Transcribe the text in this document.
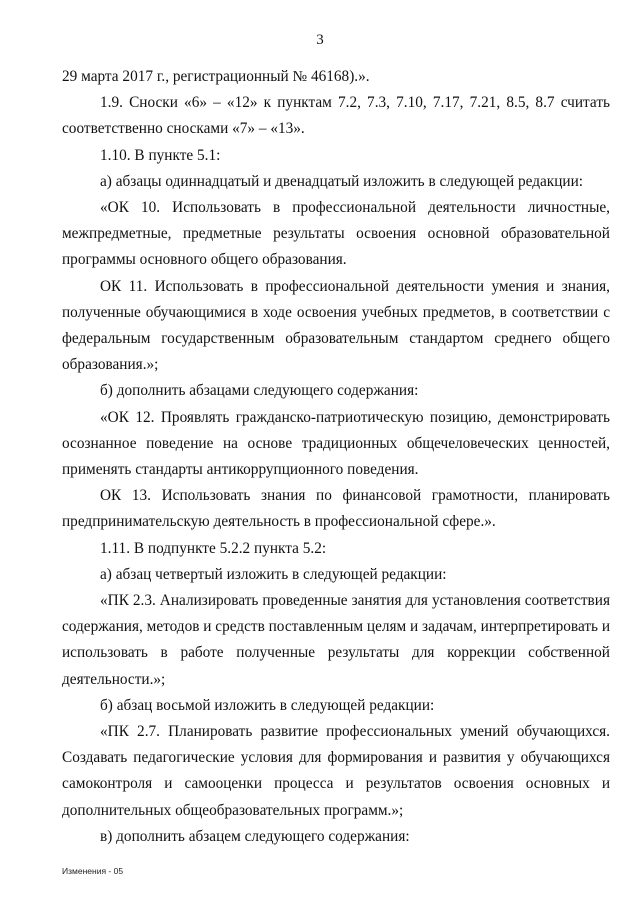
3

29 марта 2017 г., регистрационный № 46168).».

1.9. Сноски «6» – «12» к пунктам 7.2, 7.3, 7.10, 7.17, 7.21, 8.5, 8.7 считать соответственно сносками «7» – «13».

1.10. В пункте 5.1:

а) абзацы одиннадцатый и двенадцатый изложить в следующей редакции:

«ОК 10. Использовать в профессиональной деятельности личностные, межпредметные, предметные результаты освоения основной образовательной программы основного общего образования.

ОК 11. Использовать в профессиональной деятельности умения и знания, полученные обучающимися в ходе освоения учебных предметов, в соответствии с федеральным государственным образовательным стандартом среднего общего образования.»;

б) дополнить абзацами следующего содержания:

«ОК 12. Проявлять гражданско-патриотическую позицию, демонстрировать осознанное поведение на основе традиционных общечеловеческих ценностей, применять стандарты антикоррупционного поведения.

ОК 13. Использовать знания по финансовой грамотности, планировать предпринимательскую деятельность в профессиональной сфере.».

1.11. В подпункте 5.2.2 пункта 5.2:

а) абзац четвертый изложить в следующей редакции:

«ПК 2.3. Анализировать проведенные занятия для установления соответствия содержания, методов и средств поставленным целям и задачам, интерпретировать и использовать в работе полученные результаты для коррекции собственной деятельности.»;

б) абзац восьмой изложить в следующей редакции:

«ПК 2.7. Планировать развитие профессиональных умений обучающихся. Создавать педагогические условия для формирования и развития у обучающихся самоконтроля и самооценки процесса и результатов освоения основных и дополнительных общеобразовательных программ.»;

в) дополнить абзацем следующего содержания:

Изменения - 05
